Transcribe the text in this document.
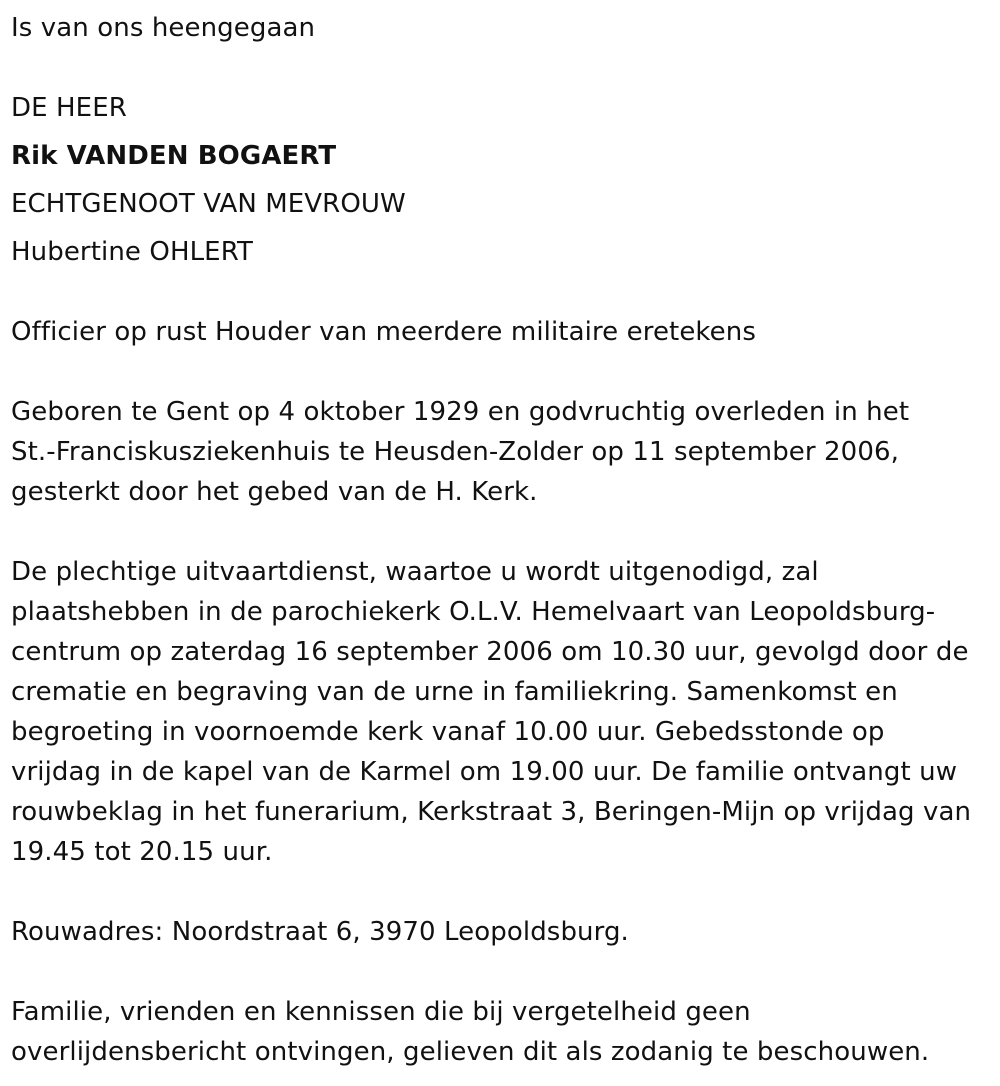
Is van ons heengegaan

DE HEER

Rik VANDEN BOGAERT

ECHTGENOOT VAN MEVROUW

Hubertine OHLERT

Officier op rust Houder van meerdere militaire eretekens

Geboren te Gent op 4 oktober 1929 en godvruchtig overleden in het

St.-Franciskusziekenhuis te Heusden-Zolder op 11 september 2006,

gesterkt door het gebed van de H. Kerk.

De plechtige uitvaartdienst, waartoe u wordt uitgenodigd, zal

plaatshebben in de parochiekerk O.L.V. Hemelvaart van Leopoldsburg-

centrum op zaterdag 16 september 2006 om 10.30 uur, gevolgd door de

crematie en begraving van de urne in familiekring. Samenkomst en

begroeting in voornoemde kerk vanaf 10.00 uur. Gebedsstonde op

vrijdag in de kapel van de Karmel om 19.00 uur. De familie ontvangt uw

rouwbeklag in het funerarium, Kerkstraat 3, Beringen-Mijn op vrijdag van

19.45 tot 20.15 uur.

Rouwadres: Noordstraat 6, 3970 Leopoldsburg.

Familie, vrienden en kennissen die bij vergetelheid geen

overlijdensbericht ontvingen, gelieven dit als zodanig te beschouwen.
